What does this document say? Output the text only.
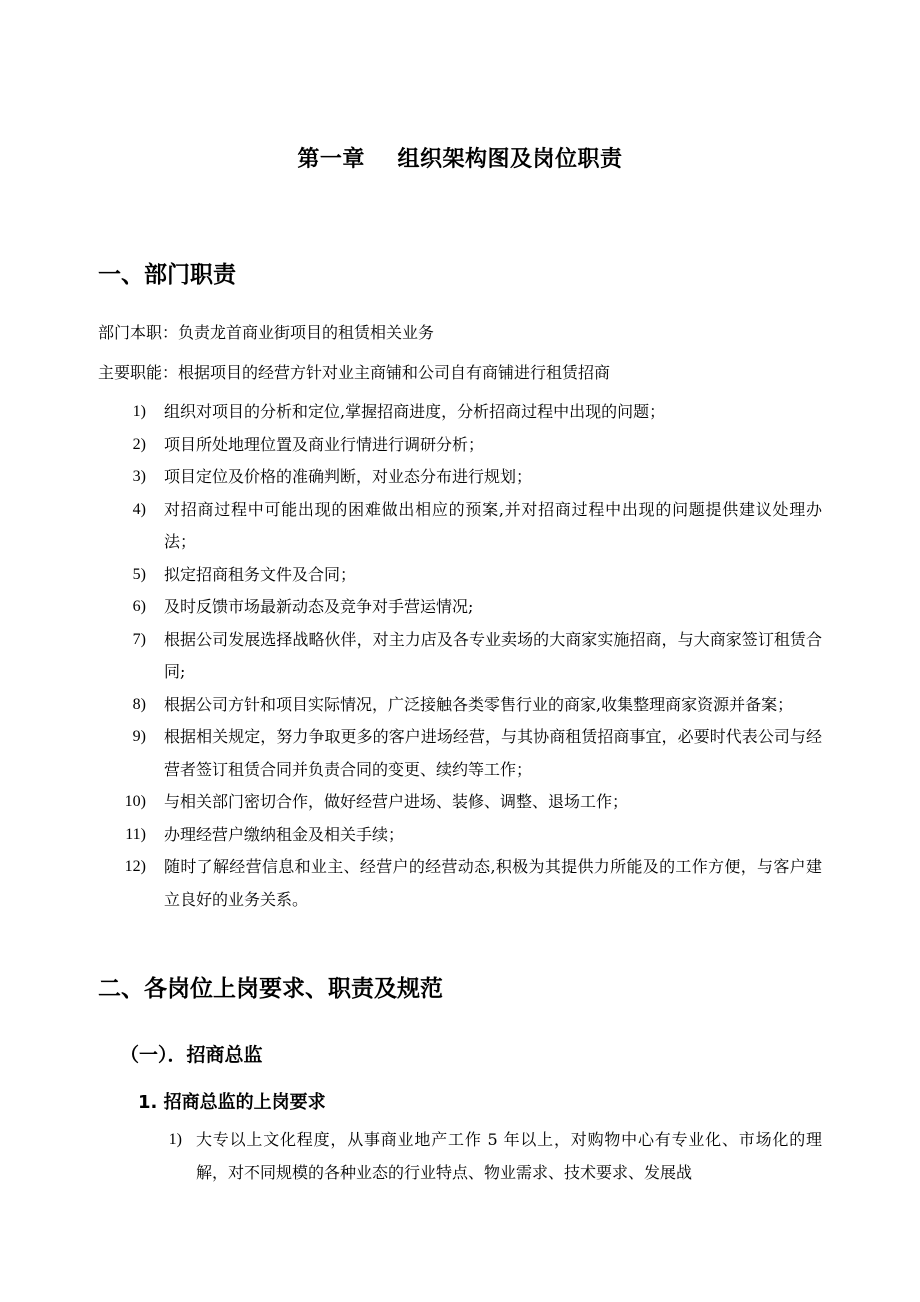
第一章    组织架构图及岗位职责
一、部门职责
部门本职：负责龙首商业街项目的租赁相关业务
主要职能：根据项目的经营方针对业主商铺和公司自有商铺进行租赁招商
1) 组织对项目的分析和定位,掌握招商进度，分析招商过程中出现的问题；
2) 项目所处地理位置及商业行情进行调研分析；
3) 项目定位及价格的准确判断，对业态分布进行规划；
4) 对招商过程中可能出现的困难做出相应的预案,并对招商过程中出现的问题提供建议处理办法；
5) 拟定招商租务文件及合同；
6) 及时反馈市场最新动态及竞争对手营运情况;
7) 根据公司发展选择战略伙伴，对主力店及各专业卖场的大商家实施招商，与大商家签订租赁合同;
8) 根据公司方针和项目实际情况，广泛接触各类零售行业的商家,收集整理商家资源并备案；
9) 根据相关规定，努力争取更多的客户进场经营，与其协商租赁招商事宜，必要时代表公司与经营者签订租赁合同并负责合同的变更、续约等工作；
10) 与相关部门密切合作，做好经营户进场、装修、调整、退场工作；
11) 办理经营户缴纳租金及相关手续；
12) 随时了解经营信息和业主、经营户的经营动态,积极为其提供力所能及的工作方便，与客户建立良好的业务关系。
二、各岗位上岗要求、职责及规范
（一）．招商总监
1. 招商总监的上岗要求
1) 大专以上文化程度，从事商业地产工作 5 年以上，对购物中心有专业化、市场化的理解，对不同规模的各种业态的行业特点、物业需求、技术要求、发展战
